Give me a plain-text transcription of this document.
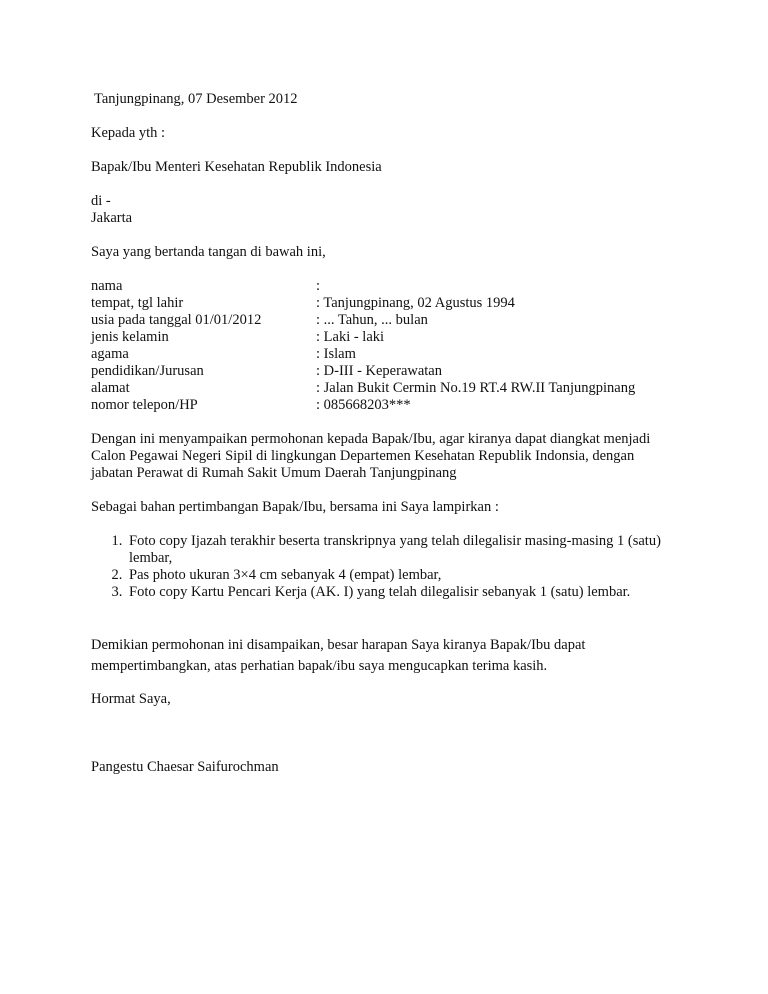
Tanjungpinang, 07 Desember 2012
Kepada yth :
Bapak/Ibu Menteri Kesehatan Republik Indonesia
di -
Jakarta
Saya yang bertanda tangan di bawah ini,
nama	:
tempat, tgl lahir	: Tanjungpinang, 02 Agustus 1994
usia pada tanggal 01/01/2012	: ... Tahun, ... bulan
jenis kelamin	: Laki - laki
agama	: Islam
pendidikan/Jurusan	: D-III - Keperawatan
alamat	: Jalan Bukit Cermin No.19 RT.4 RW.II Tanjungpinang
nomor telepon/HP	: 085668203***
Dengan ini menyampaikan permohonan kepada Bapak/Ibu, agar kiranya dapat diangkat menjadi
Calon Pegawai Negeri Sipil di lingkungan Departemen Kesehatan Republik Indonsia, dengan
jabatan Perawat di Rumah Sakit Umum Daerah Tanjungpinang
Sebagai bahan pertimbangan Bapak/Ibu, bersama ini Saya lampirkan :
1. Foto copy Ijazah terakhir beserta transkripnya yang telah dilegalisir masing-masing 1 (satu) lembar,
2. Pas photo ukuran 3×4 cm sebanyak 4 (empat) lembar,
3. Foto copy Kartu Pencari Kerja (AK. I) yang telah dilegalisir sebanyak 1 (satu) lembar.
Demikian permohonan ini disampaikan, besar harapan Saya kiranya Bapak/Ibu dapat
mempertimbangkan, atas perhatian bapak/ibu saya mengucapkan terima kasih.
Hormat Saya,
Pangestu Chaesar Saifurochman
